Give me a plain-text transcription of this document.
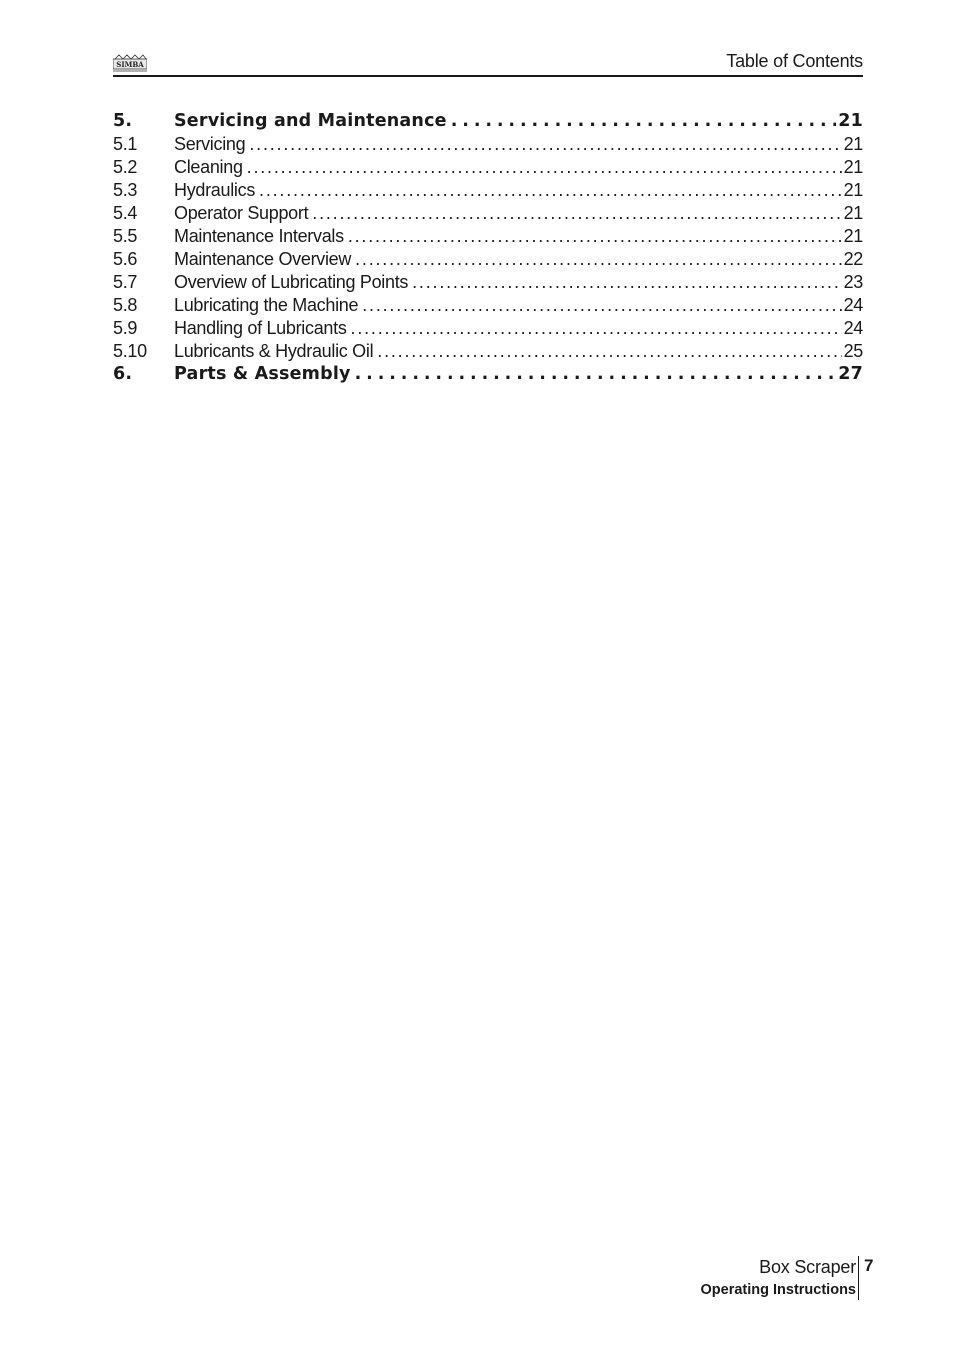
SIMBA	Table of Contents
5.	Servicing and Maintenance . . .	21
5.1	Servicing . . .	21
5.2	Cleaning . . .	21
5.3	Hydraulics . . .	21
5.4	Operator Support . . .	21
5.5	Maintenance Intervals . . .	21
5.6	Maintenance Overview . . .	22
5.7	Overview of Lubricating Points . . .	23
5.8	Lubricating the Machine . . .	24
5.9	Handling of Lubricants . . .	24
5.10	Lubricants & Hydraulic Oil . . .	25
6.	Parts & Assembly . . .	27
Box Scraper
Operating Instructions
7
